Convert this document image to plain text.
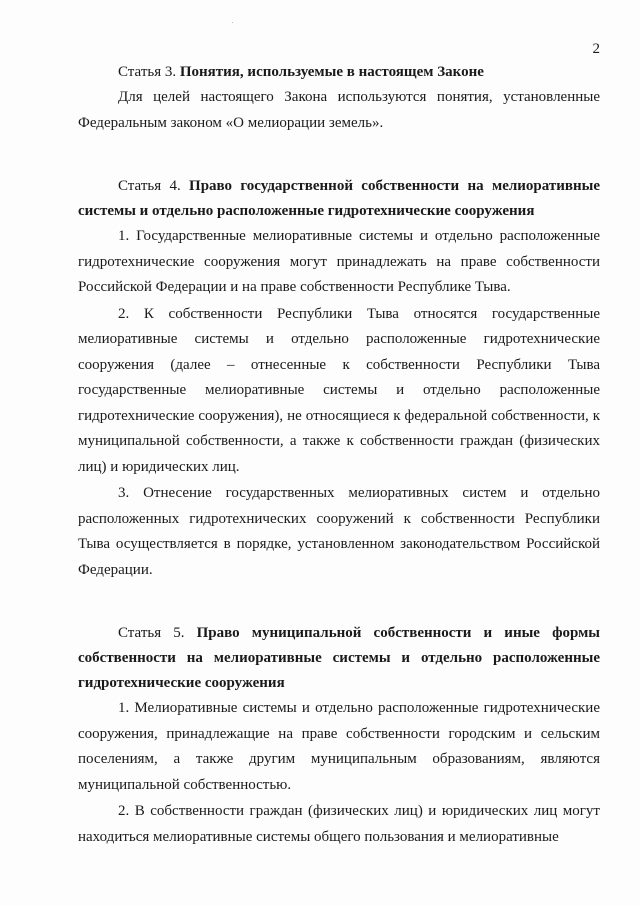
2

Статья 3. Понятия, используемые в настоящем Законе

Для целей настоящего Закона используются понятия, установленные Федеральным законом «О мелиорации земель».

Статья 4. Право государственной собственности на мелиоративные системы и отдельно расположенные гидротехнические сооружения

1. Государственные мелиоративные системы и отдельно расположенные гидротехнические сооружения могут принадлежать на праве собственности Российской Федерации и на праве собственности Республике Тыва.

2. К собственности Республики Тыва относятся государственные мелиоративные системы и отдельно расположенные гидротехнические сооружения (далее – отнесенные к собственности Республики Тыва государственные мелиоративные системы и отдельно расположенные гидротехнические сооружения), не относящиеся к федеральной собственности, к муниципальной собственности, а также к собственности граждан (физических лиц) и юридических лиц.

3. Отнесение государственных мелиоративных систем и отдельно расположенных гидротехнических сооружений к собственности Республики Тыва осуществляется в порядке, установленном законодательством Российской Федерации.

Статья 5. Право муниципальной собственности и иные формы собственности на мелиоративные системы и отдельно расположенные гидротехнические сооружения

1. Мелиоративные системы и отдельно расположенные гидротехнические сооружения, принадлежащие на праве собственности городским и сельским поселениям, а также другим муниципальным образованиям, являются муниципальной собственностью.

2. В собственности граждан (физических лиц) и юридических лиц могут находиться мелиоративные системы общего пользования и мелиоративные
